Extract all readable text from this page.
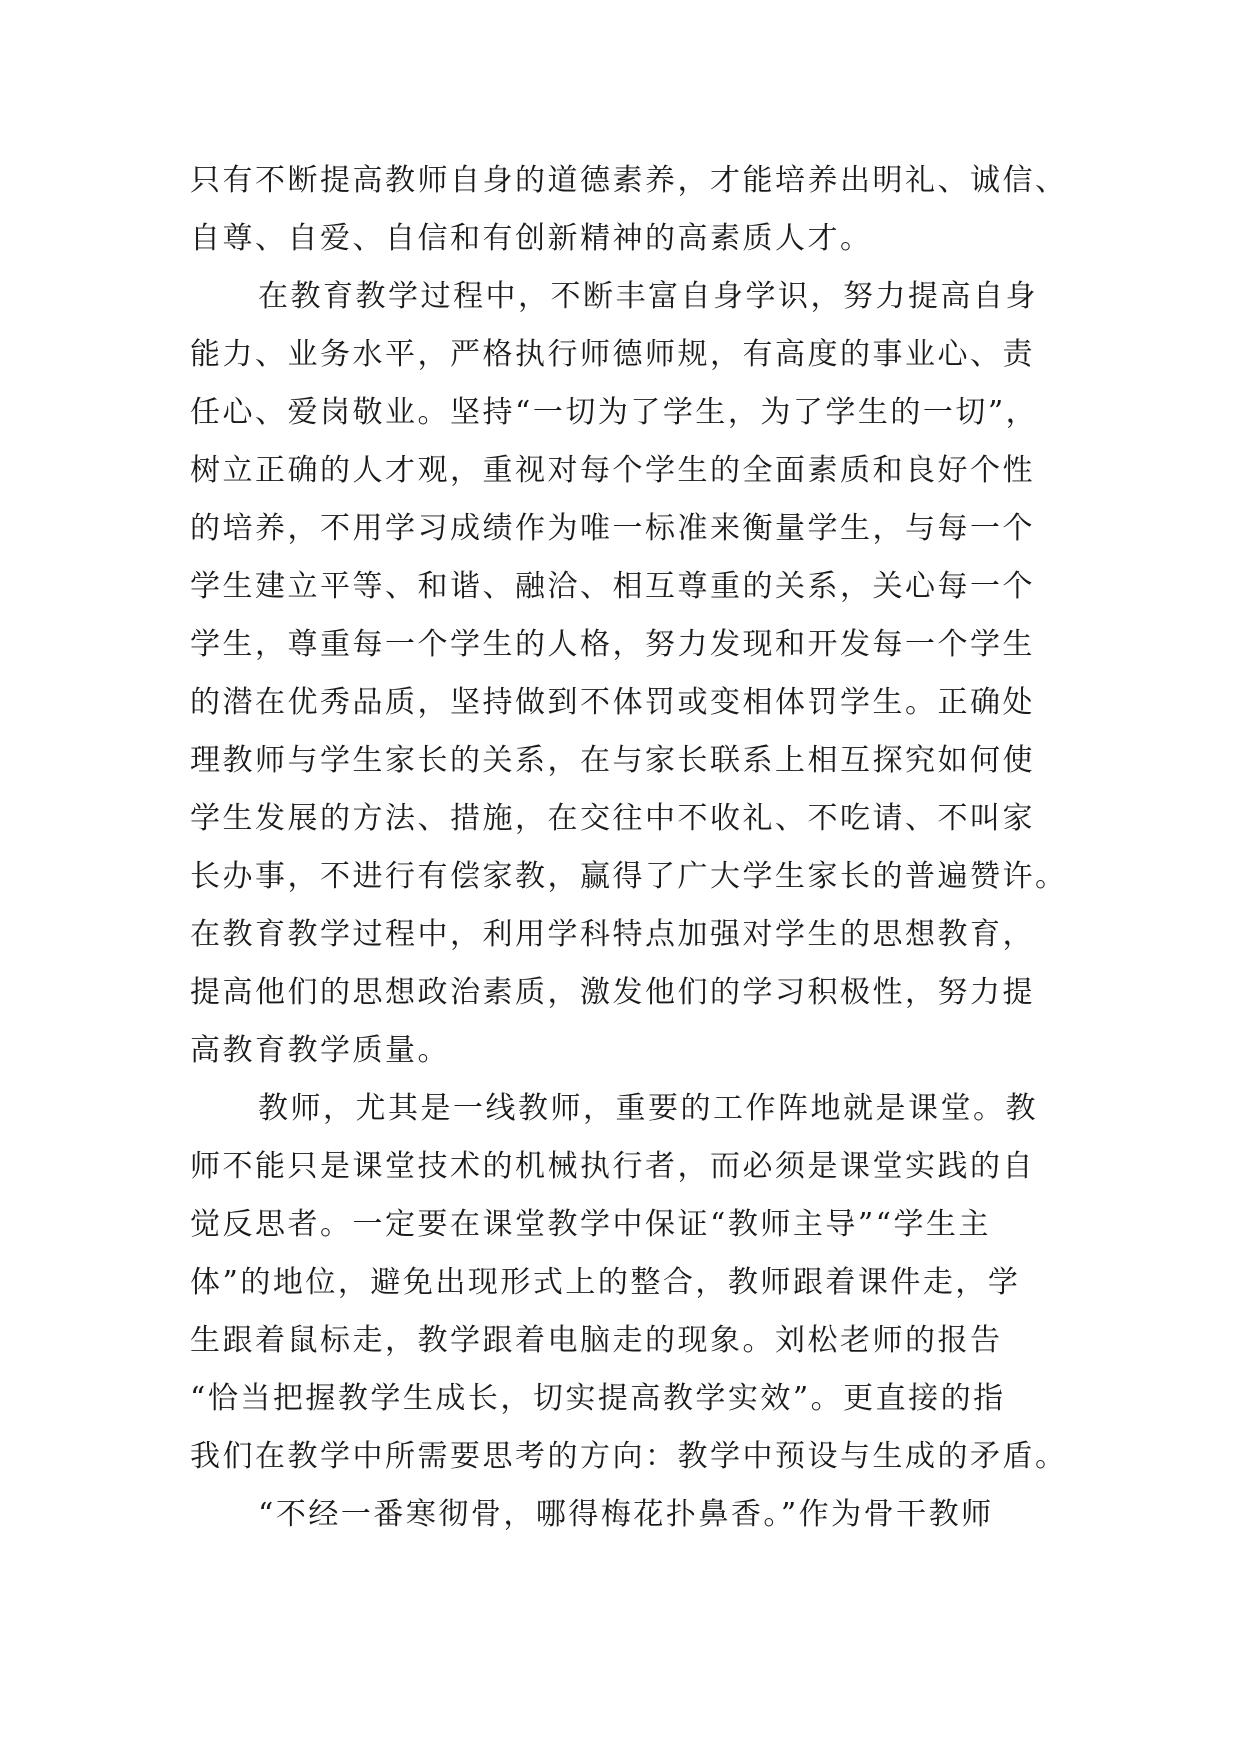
只有不断提高教师自身的道德素养，才能培养出明礼、诚信、
自尊、自爱、自信和有创新精神的高素质人才。
在教育教学过程中，不断丰富自身学识，努力提高自身
能力、业务水平，严格执行师德师规，有高度的事业心、责
任心、爱岗敬业。坚持“一切为了学生，为了学生的一切”，
树立正确的人才观，重视对每个学生的全面素质和良好个性
的培养，不用学习成绩作为唯一标准来衡量学生，与每一个
学生建立平等、和谐、融洽、相互尊重的关系，关心每一个
学生，尊重每一个学生的人格，努力发现和开发每一个学生
的潜在优秀品质，坚持做到不体罚或变相体罚学生。正确处
理教师与学生家长的关系，在与家长联系上相互探究如何使
学生发展的方法、措施，在交往中不收礼、不吃请、不叫家
长办事，不进行有偿家教，赢得了广大学生家长的普遍赞许。
在教育教学过程中，利用学科特点加强对学生的思想教育，
提高他们的思想政治素质，激发他们的学习积极性，努力提
高教育教学质量。
教师，尤其是一线教师，重要的工作阵地就是课堂。教
师不能只是课堂技术的机械执行者，而必须是课堂实践的自
觉反思者。一定要在课堂教学中保证“教师主导”“学生主
体”的地位，避免出现形式上的整合，教师跟着课件走，学
生跟着鼠标走，教学跟着电脑走的现象。刘松老师的报告
“恰当把握教学生成长，切实提高教学实效”。更直接的指
我们在教学中所需要思考的方向：教学中预设与生成的矛盾。
“不经一番寒彻骨，哪得梅花扑鼻香。”作为骨干教师
